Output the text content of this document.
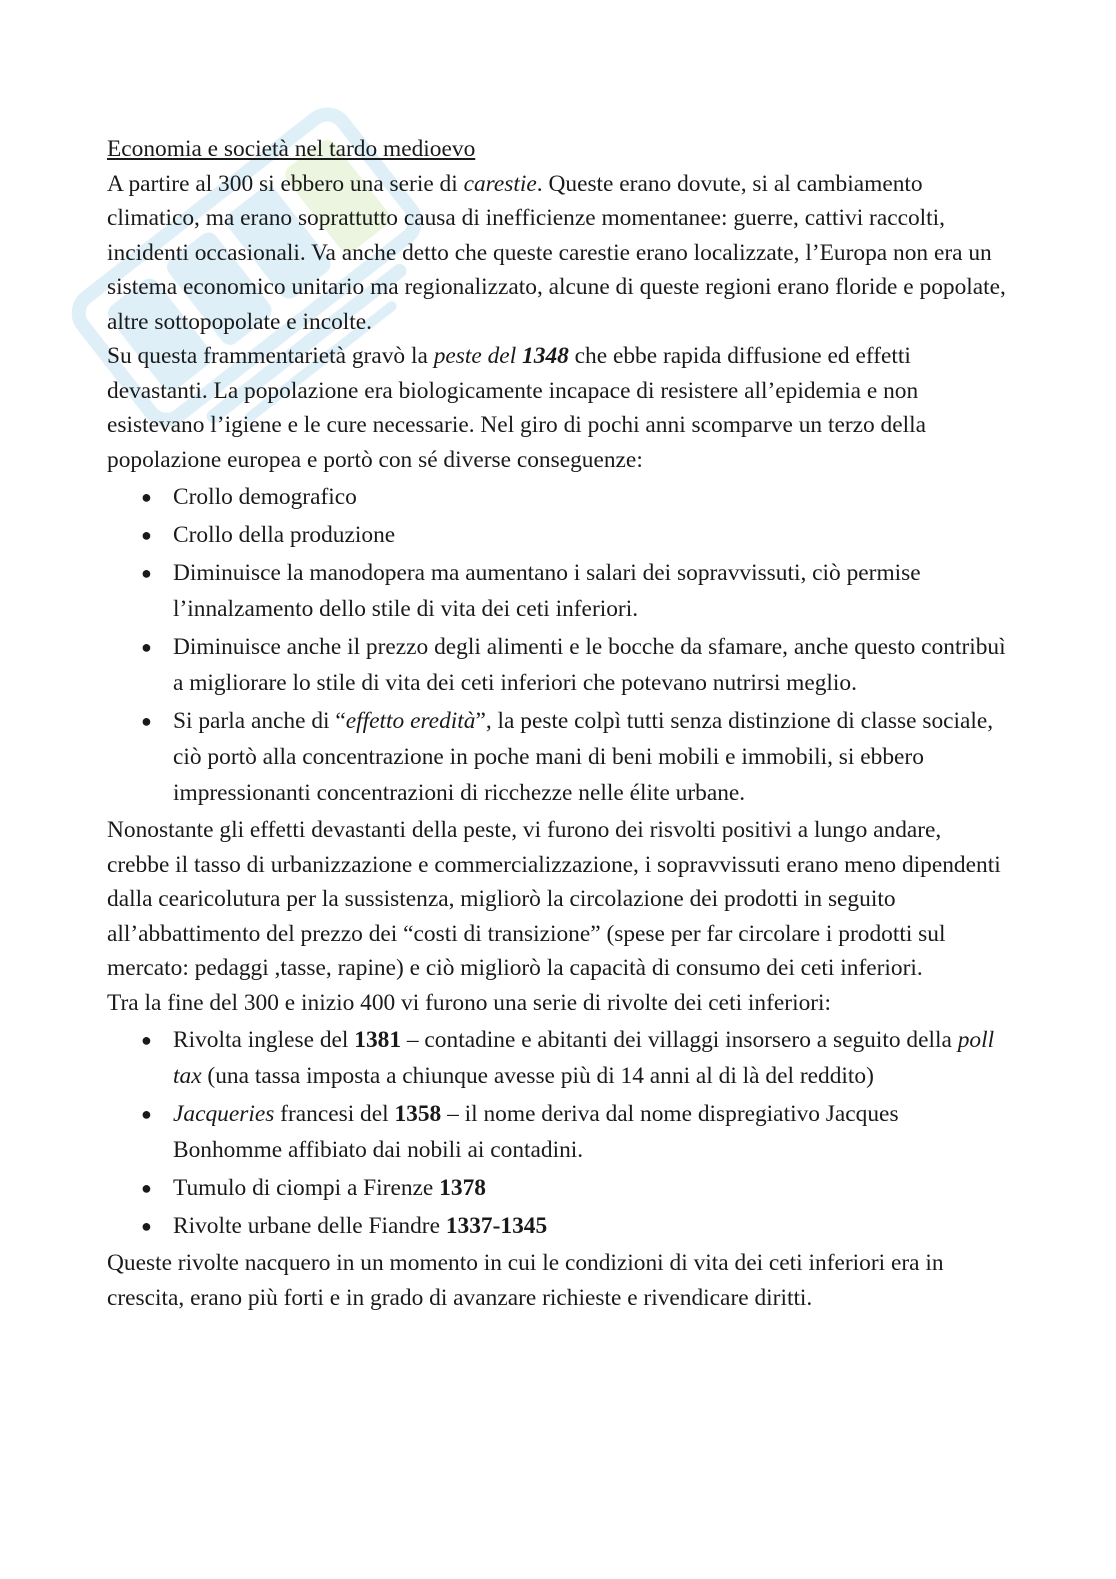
Economia e società nel tardo medioevo

A partire al 300 si ebbero una serie di carestie. Queste erano dovute, si al cambiamento climatico, ma erano soprattutto causa di inefficienze momentanee: guerre, cattivi raccolti, incidenti occasionali. Va anche detto che queste carestie erano localizzate, l’Europa non era un sistema economico unitario ma regionalizzato, alcune di queste regioni erano floride e popolate, altre sottopopolate e incolte.

Su questa frammentarietà gravò la peste del 1348 che ebbe rapida diffusione ed effetti devastanti. La popolazione era biologicamente incapace di resistere all’epidemia e non esistevano l’igiene e le cure necessarie. Nel giro di pochi anni scomparve un terzo della popolazione europea e portò con sé diverse conseguenze:

● Crollo demografico
● Crollo della produzione
● Diminuisce la manodopera ma aumentano i salari dei sopravvissuti, ciò permise l’innalzamento dello stile di vita dei ceti inferiori.
● Diminuisce anche il prezzo degli alimenti e le bocche da sfamare, anche questo contribuì a migliorare lo stile di vita dei ceti inferiori che potevano nutrirsi meglio.
● Si parla anche di “effetto eredità”, la peste colpì tutti senza distinzione di classe sociale, ciò portò alla concentrazione in poche mani di beni mobili e immobili, si ebbero impressionanti concentrazioni di ricchezze nelle élite urbane.

Nonostante gli effetti devastanti della peste, vi furono dei risvolti positivi a lungo andare, crebbe il tasso di urbanizzazione e commercializzazione, i sopravvissuti erano meno dipendenti dalla cearicolutura per la sussistenza, migliorò la circolazione dei prodotti in seguito all’abbattimento del prezzo dei “costi di transizione” (spese per far circolare i prodotti sul mercato: pedaggi ,tasse, rapine) e ciò migliorò la capacità di consumo dei ceti inferiori.

Tra la fine del 300 e inizio 400 vi furono una serie di rivolte dei ceti inferiori:

● Rivolta inglese del 1381 – contadine e abitanti dei villaggi insorsero a seguito della poll tax (una tassa imposta a chiunque avesse più di 14 anni al di là del reddito)
● Jacqueries francesi del 1358 – il nome deriva dal nome dispregiativo Jacques Bonhomme affibiato dai nobili ai contadini.
● Tumulo di ciompi a Firenze 1378
● Rivolte urbane delle Fiandre 1337-1345

Queste rivolte nacquero in un momento in cui le condizioni di vita dei ceti inferiori era in crescita, erano più forti e in grado di avanzare richieste e rivendicare diritti.
